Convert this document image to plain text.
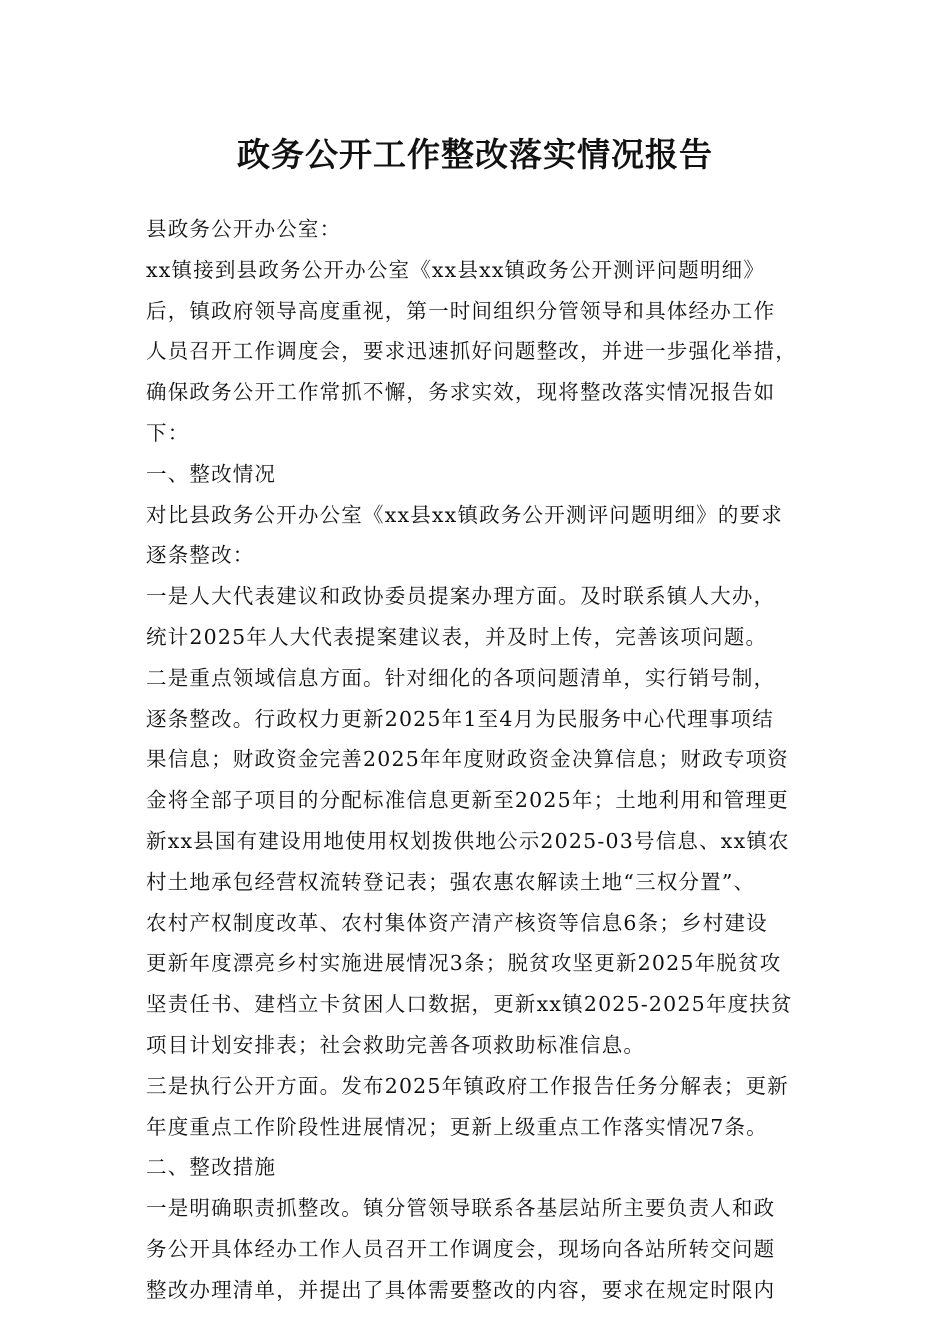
政务公开工作整改落实情况报告

县政务公开办公室：

xx镇接到县政务公开办公室《xx县xx镇政务公开测评问题明细》

后，镇政府领导高度重视，第一时间组织分管领导和具体经办工作

人员召开工作调度会，要求迅速抓好问题整改，并进一步强化举措，

确保政务公开工作常抓不懈，务求实效，现将整改落实情况报告如

下：

一、整改情况

对比县政务公开办公室《xx县xx镇政务公开测评问题明细》的要求

逐条整改：

一是人大代表建议和政协委员提案办理方面。及时联系镇人大办，

统计2025年人大代表提案建议表，并及时上传，完善该项问题。

二是重点领域信息方面。针对细化的各项问题清单，实行销号制，

逐条整改。行政权力更新2025年1至4月为民服务中心代理事项结

果信息；财政资金完善2025年年度财政资金决算信息；财政专项资

金将全部子项目的分配标准信息更新至2025年；土地利用和管理更

新xx县国有建设用地使用权划拨供地公示2025-03号信息、xx镇农

村土地承包经营权流转登记表；强农惠农解读土地“三权分置”、

农村产权制度改革、农村集体资产清产核资等信息6条；乡村建设

更新年度漂亮乡村实施进展情况3条；脱贫攻坚更新2025年脱贫攻

坚责任书、建档立卡贫困人口数据，更新xx镇2025-2025年度扶贫

项目计划安排表；社会救助完善各项救助标准信息。

三是执行公开方面。发布2025年镇政府工作报告任务分解表；更新

年度重点工作阶段性进展情况；更新上级重点工作落实情况7条。

二、整改措施

一是明确职责抓整改。镇分管领导联系各基层站所主要负责人和政

务公开具体经办工作人员召开工作调度会，现场向各站所转交问题

整改办理清单，并提出了具体需要整改的内容，要求在规定时限内
